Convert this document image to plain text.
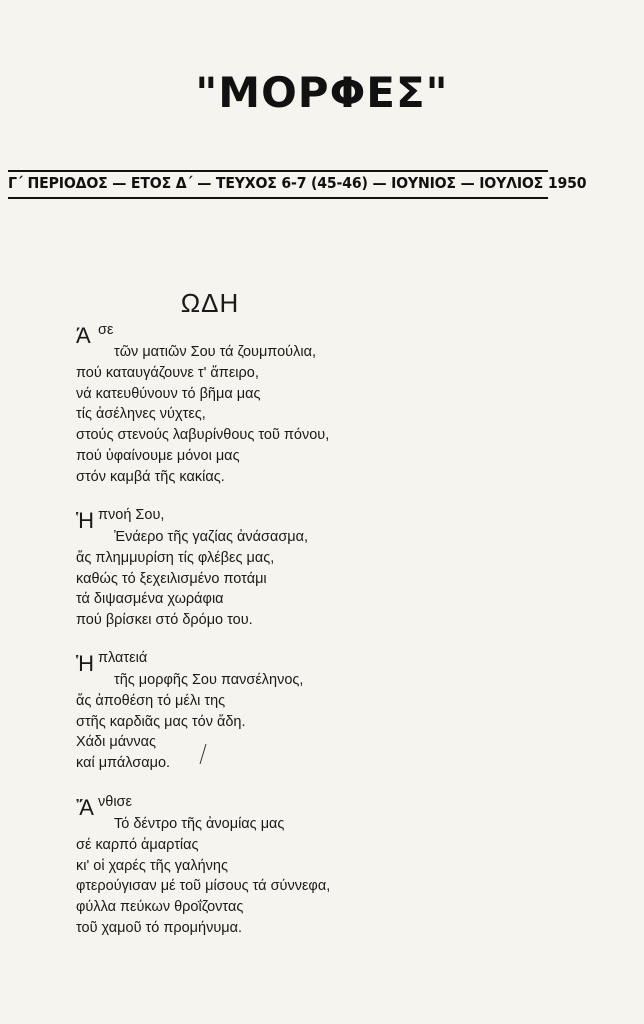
"ΜΟΡΦΕΣ"
Γ΄ ΠΕΡΙΟΔΟΣ — ΕΤΟΣ Δ΄ — ΤΕΥΧΟΣ 6-7 (45-46) — ΙΟΥΝΙΟΣ — ΙΟΥΛΙΟΣ 1950
ΩΔΗ
Ά σε
τῶν ματιῶν Σου τά ζουμπούλια,
πού καταυγάζουνε τ' ἄπειρο,
νά κατευθύνουν τό βῆμα μας
τίς ἀσέληνες νύχτες,
στούς στενούς λαβυρίνθους τοῦ πόνου,
πού ὑφαίνουμε μόνοι μας
στόν καμβά τῆς κακίας.
Ἡ πνοή Σου,
Ἐνάερο τῆς γαζίας ἀνάσασμα,
ἄς πλημμυρίση τίς φλέβες μας,
καθώς τό ξεχειλισμένο ποτάμι
τά διψασμένα χωράφια
πού βρίσκει στό δρόμο του.
Ἡ πλατειά
τῆς μορφῆς Σου πανσέληνος,
ἄς ἀποθέση τό μέλι της
στῆς καρδιᾶς μας τόν ἄδη.
Χάδι μάννας
καί μπάλσαμο.
Ἄ νθισε
Τό δέντρο τῆς ἀνομίας μας
σέ καρπό ἁμαρτίας
κι' οἱ χαρές τῆς γαλήνης
φτερούγισαν μέ τοῦ μίσους τά σύννεφα,
φύλλα πεύκων θροΐζοντας
τοῦ χαμοῦ τό προμήνυμα.
